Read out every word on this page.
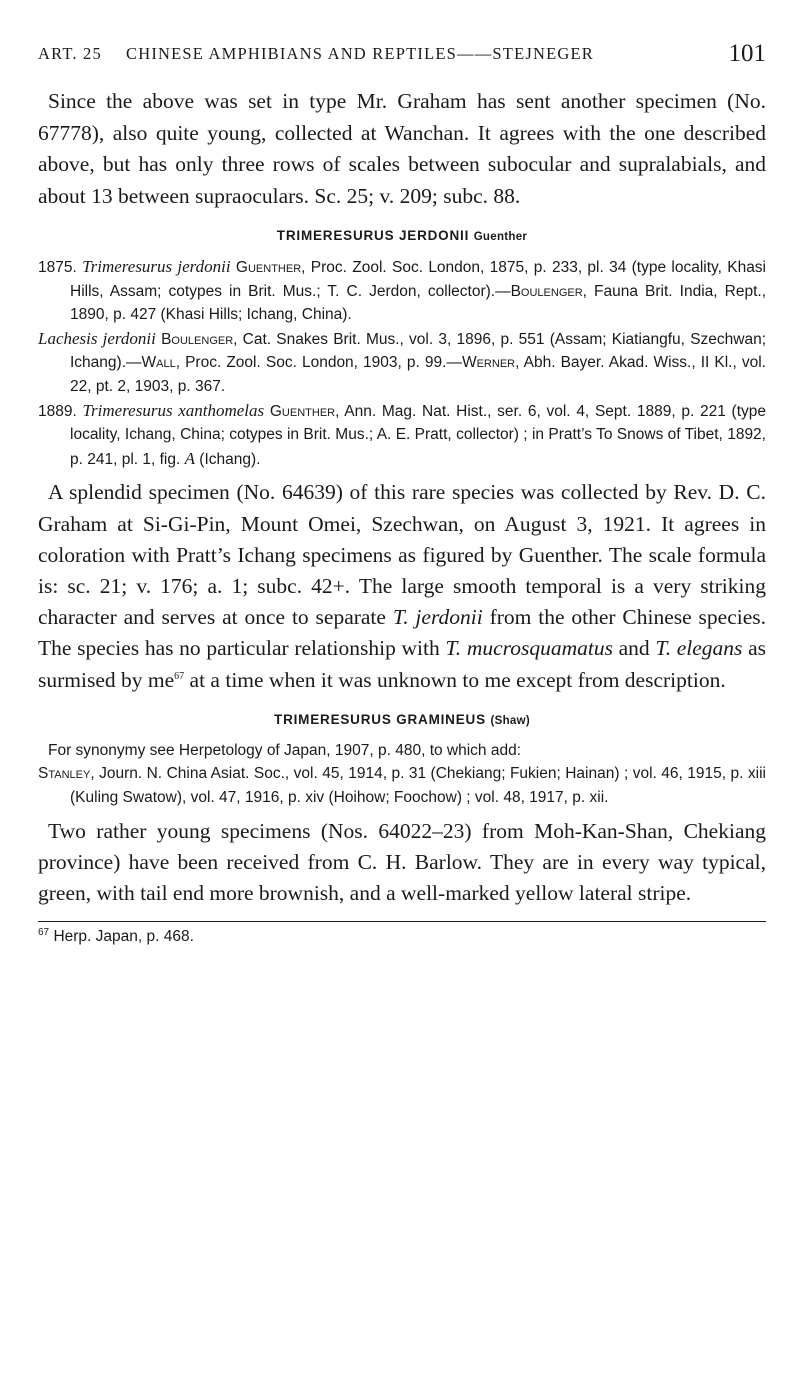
ART. 25 CHINESE AMPHIBIANS AND REPTILES——STEJNEGER	101

Since the above was set in type Mr. Graham has sent another specimen (No. 67778), also quite young, collected at Wanchan. It agrees with the one described above, but has only three rows of scales between subocular and supralabials, and about 13 between supraoculars. Sc. 25; v. 209; subc. 88.

TRIMERESURUS JERDONII Guenther

1875. Trimeresurus jerdonii Guenther, Proc. Zool. Soc. London, 1875, p. 233, pl. 34 (type locality, Khasi Hills, Assam; cotypes in Brit. Mus.; T. C. Jerdon, collector).—Boulenger, Fauna Brit. India, Rept., 1890, p. 427 (Khasi Hills; Ichang, China).

Lachesis jerdonii Boulenger, Cat. Snakes Brit. Mus., vol. 3, 1896, p. 551 (Assam; Kiatiangfu, Szechwan; Ichang).—Wall, Proc. Zool. Soc. London, 1903, p. 99.—Werner, Abh. Bayer. Akad. Wiss., II Kl., vol. 22, pt. 2, 1903, p. 367.

1889. Trimeresurus xanthomelas Guenther, Ann. Mag. Nat. Hist., ser. 6, vol. 4, Sept. 1889, p. 221 (type locality, Ichang, China; cotypes in Brit. Mus.; A. E. Pratt, collector) ; in Pratt’s To Snows of Tibet, 1892, p. 241, pl. 1, fig. A (Ichang).

A splendid specimen (No. 64639) of this rare species was collected by Rev. D. C. Graham at Si-Gi-Pin, Mount Omei, Szechwan, on August 3, 1921. It agrees in coloration with Pratt’s Ichang specimens as figured by Guenther. The scale formula is: sc. 21; v. 176; a. 1; subc. 42+. The large smooth temporal is a very striking character and serves at once to separate T. jerdonii from the other Chinese species. The species has no particular relationship with T. mucrosquamatus and T. elegans as surmised by $me^{67}$ at a time when it was unknown to me except from description.

TRIMERESURUS GRAMINEUS (Shaw)

For synonymy see Herpetology of Japan, 1907, p. 480, to which add:

Stanley, Journ. N. China Asiat. Soc., vol. 45, 1914, p. 31 (Chekiang; Fukien; Hainan) ; vol. 46, 1915, p. xiii (Kuling Swatow), vol. 47, 1916, p. xiv (Hoihow; Foochow) ; vol. 48, 1917, p. xii.

Two rather young specimens (Nos. 64022–23) from Moh-Kan-Shan, Chekiang province) have been received from C. H. Barlow. They are in every way typical, green, with tail end more brownish, and a well-marked yellow lateral stripe.

$^{67}$ Herp. Japan, p. 468.
